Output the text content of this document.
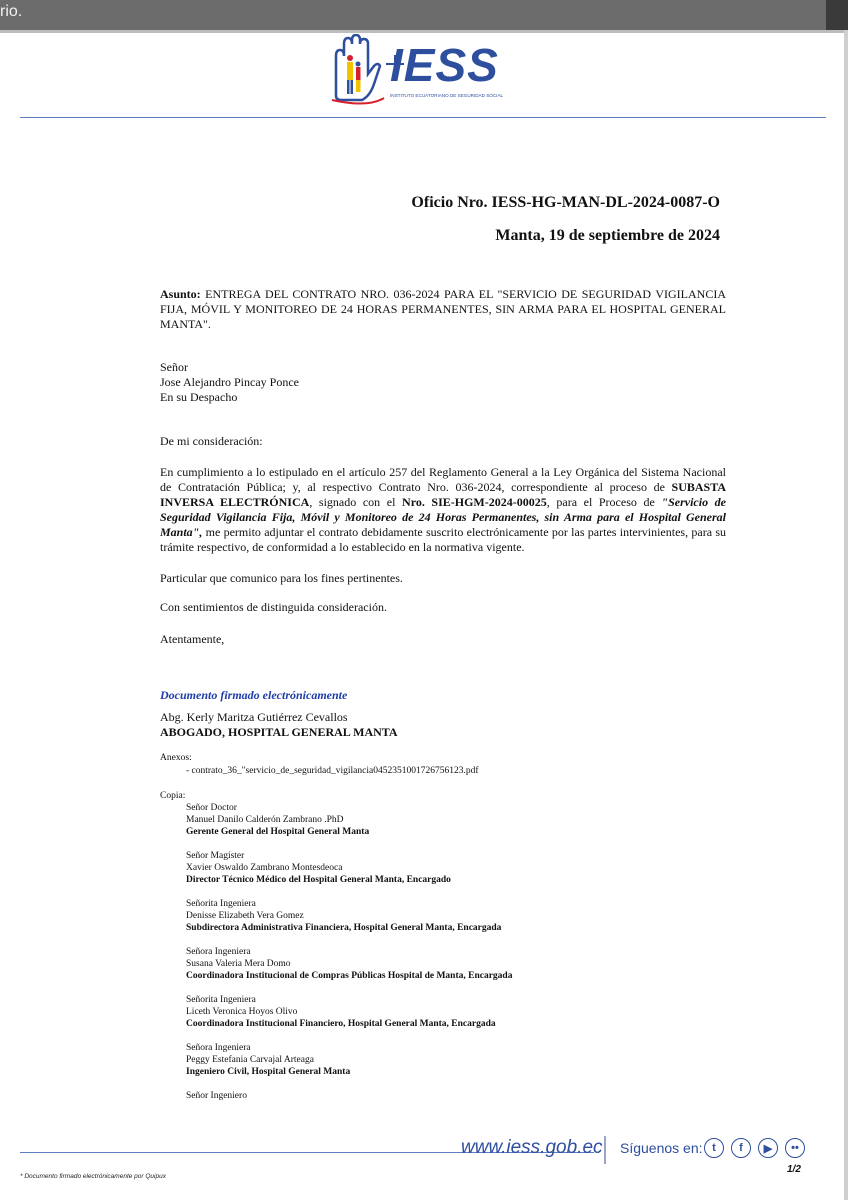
rio.
IESS
INSTITUTO ECUATORIANO DE SEGURIDAD SOCIAL
Oficio Nro. IESS-HG-MAN-DL-2024-0087-O
Manta, 19 de septiembre de 2024
Asunto: ENTREGA DEL CONTRATO NRO. 036-2024 PARA EL "SERVICIO DE SEGURIDAD VIGILANCIA FIJA, MÓVIL Y MONITOREO DE 24 HORAS PERMANENTES, SIN ARMA PARA EL HOSPITAL GENERAL MANTA".
Señor
Jose Alejandro Pincay Ponce
En su Despacho
De mi consideración:
En cumplimiento a lo estipulado en el artículo 257 del Reglamento General a la Ley Orgánica del Sistema Nacional de Contratación Pública; y, al respectivo Contrato Nro. 036-2024, correspondiente al proceso de SUBASTA INVERSA ELECTRÓNICA, signado con el Nro. SIE-HGM-2024-00025, para el Proceso de "Servicio de Seguridad Vigilancia Fija, Móvil y Monitoreo de 24 Horas Permanentes, sin Arma para el Hospital General Manta", me permito adjuntar el contrato debidamente suscrito electrónicamente por las partes intervinientes, para su trámite respectivo, de conformidad a lo establecido en la normativa vigente.
Particular que comunico para los fines pertinentes.
Con sentimientos de distinguida consideración.
Atentamente,
Documento firmado electrónicamente
Abg. Kerly Maritza Gutiérrez Cevallos
ABOGADO, HOSPITAL GENERAL MANTA
Anexos:
- contrato_36_"servicio_de_seguridad_vigilancia0452351001726756123.pdf
Copia:
Señor Doctor
Manuel Danilo Calderón Zambrano .PhD
Gerente General del Hospital General Manta
Señor Magíster
Xavier Oswaldo Zambrano Montesdeoca
Director Técnico Médico del Hospital General Manta, Encargado
Señorita Ingeniera
Denisse Elizabeth Vera Gomez
Subdirectora Administrativa Financiera, Hospital General Manta, Encargada
Señora Ingeniera
Susana Valeria Mera Domo
Coordinadora Institucional de Compras Públicas Hospital de Manta, Encargada
Señorita Ingeniera
Liceth Veronica Hoyos Olivo
Coordinadora Institucional Financiero, Hospital General Manta, Encargada
Señora Ingeniera
Peggy Estefania Carvajal Arteaga
Ingeniero Civil, Hospital General Manta
Señor Ingeniero
www.iess.gob.ec Síguenos en: t	f	▶	••
1/2
* Documento firmado electrónicamente por Quipux
